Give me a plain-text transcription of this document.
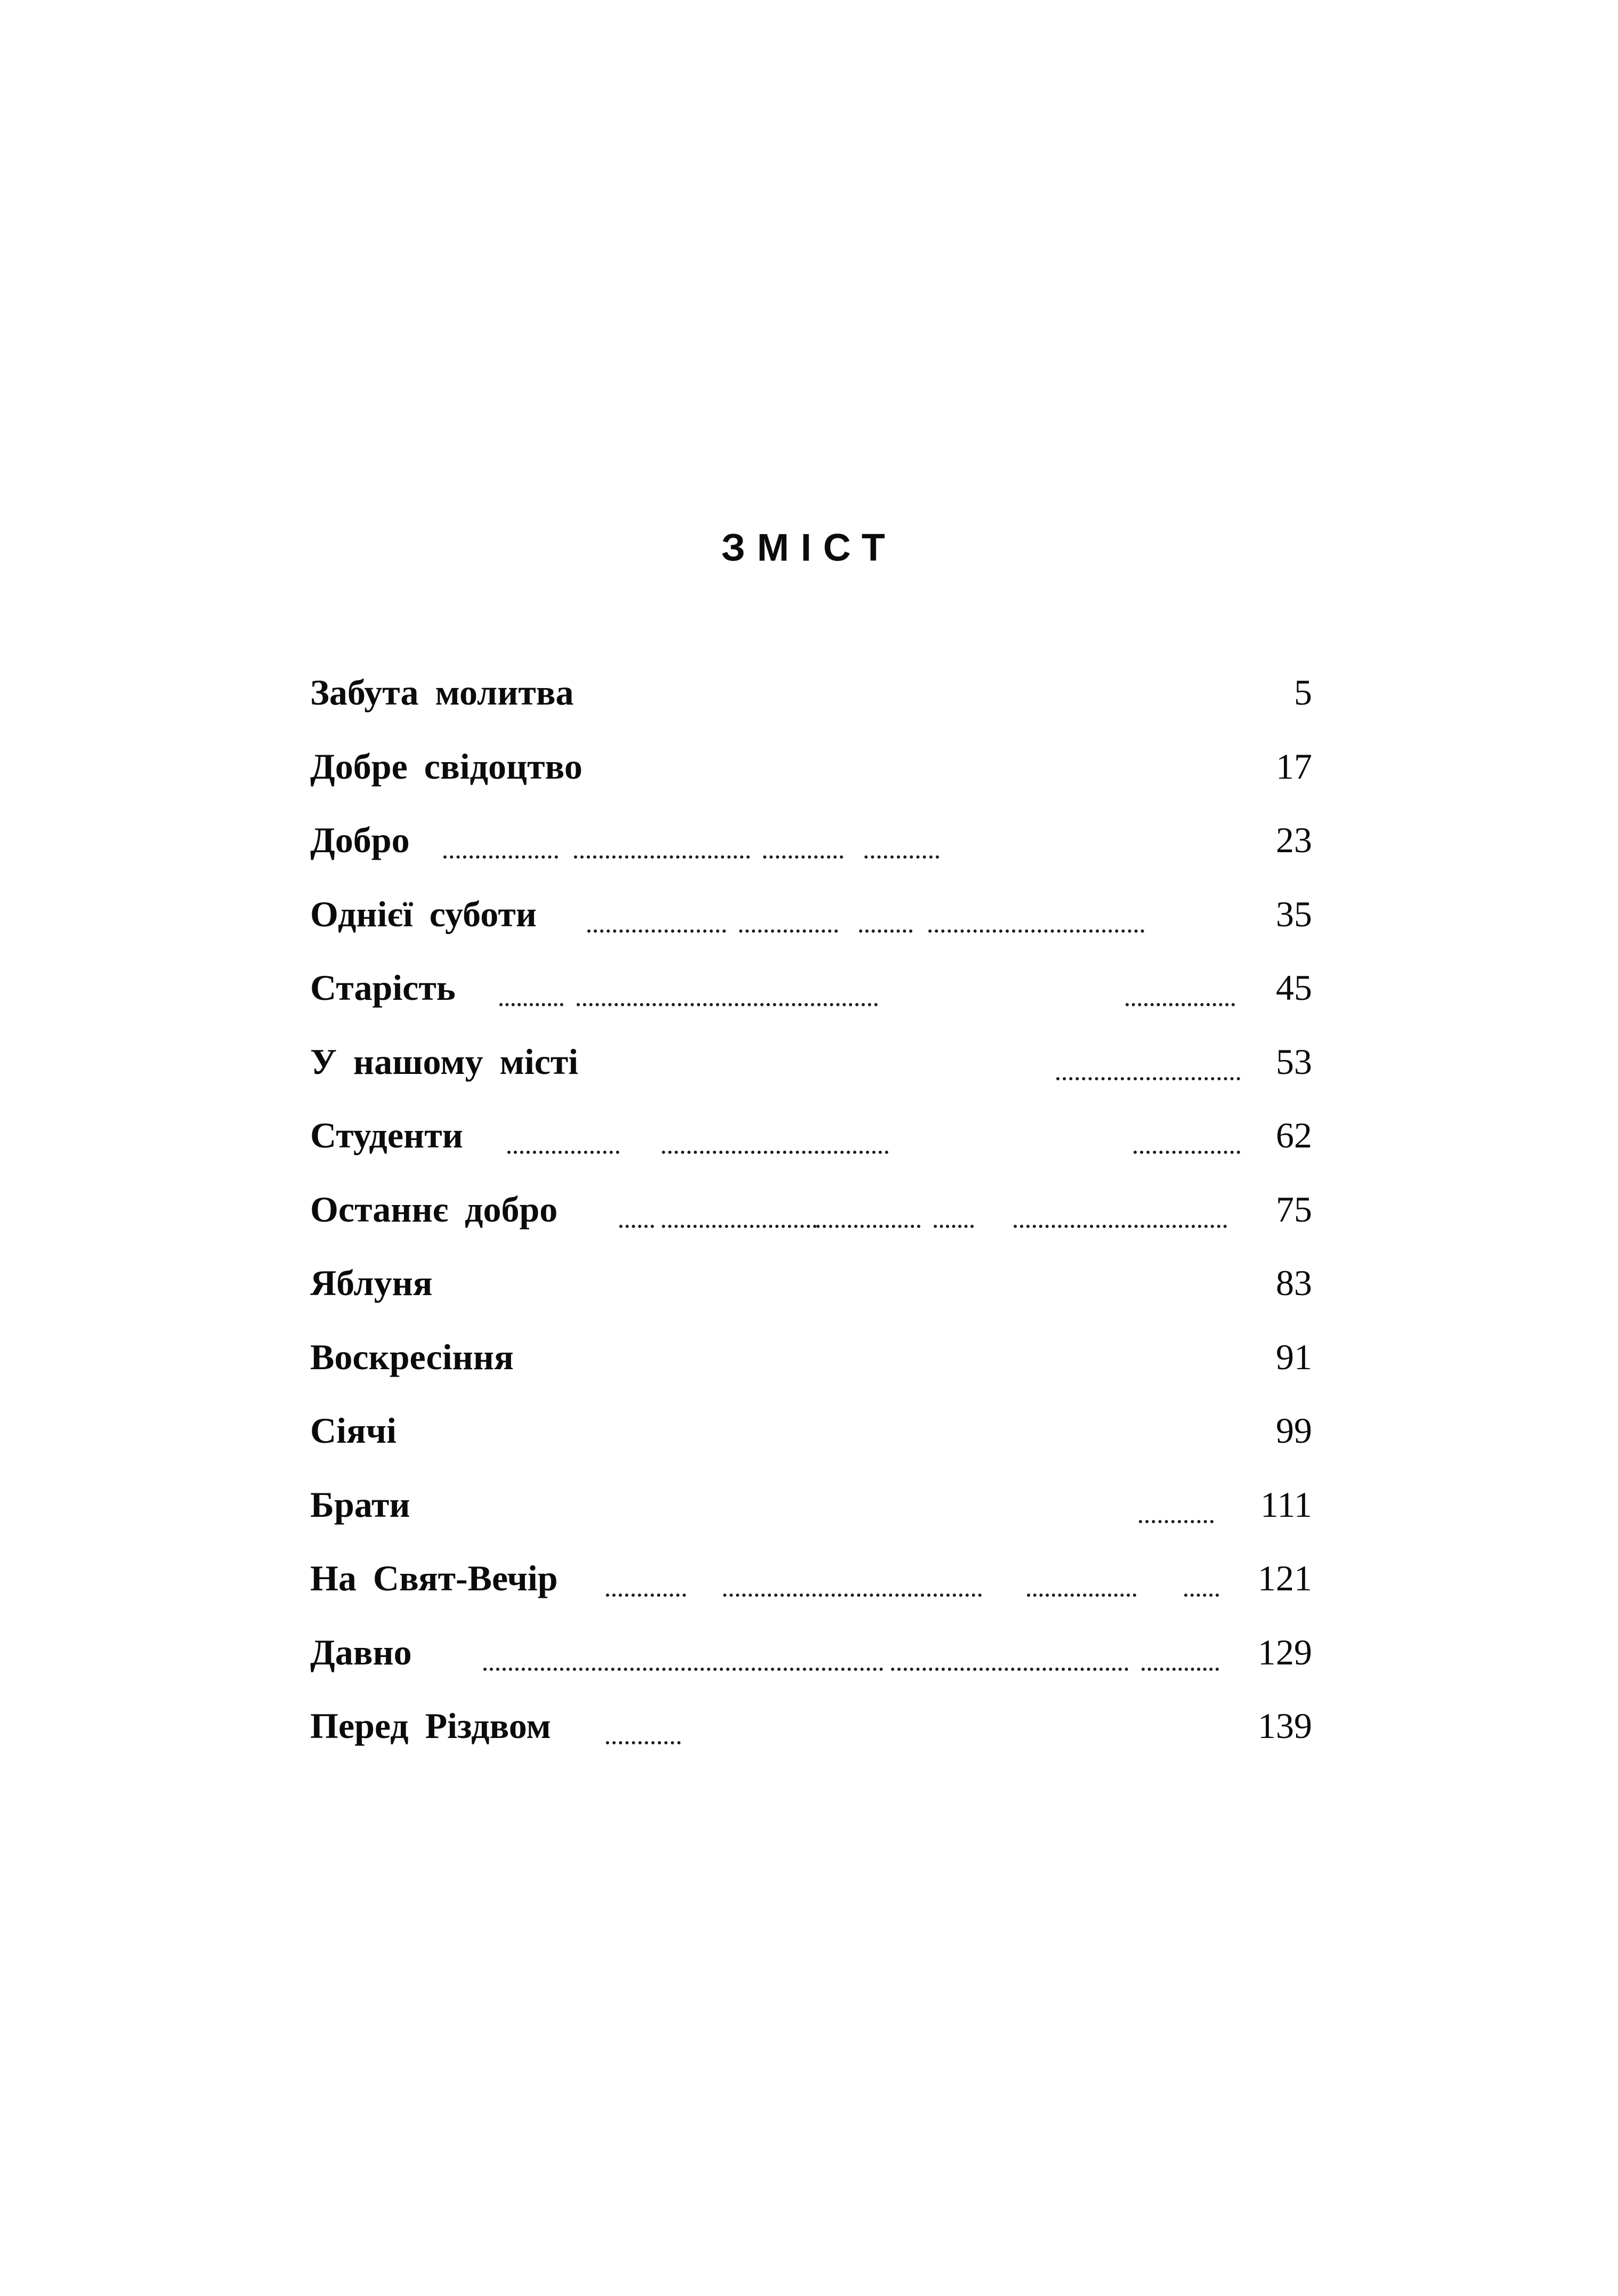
ЗМІСТ
Забута молитва	5
Добре свідоцтво	17
Добро	23
Однієї суботи	35
Старість	45
У нашому місті	53
Студенти	62
Останнє добро	75
Яблуня	83
Воскресіння	91
Сіячі	99
Брати	111
На Свят-Вечір	121
Давно	129
Перед Різдвом	139
